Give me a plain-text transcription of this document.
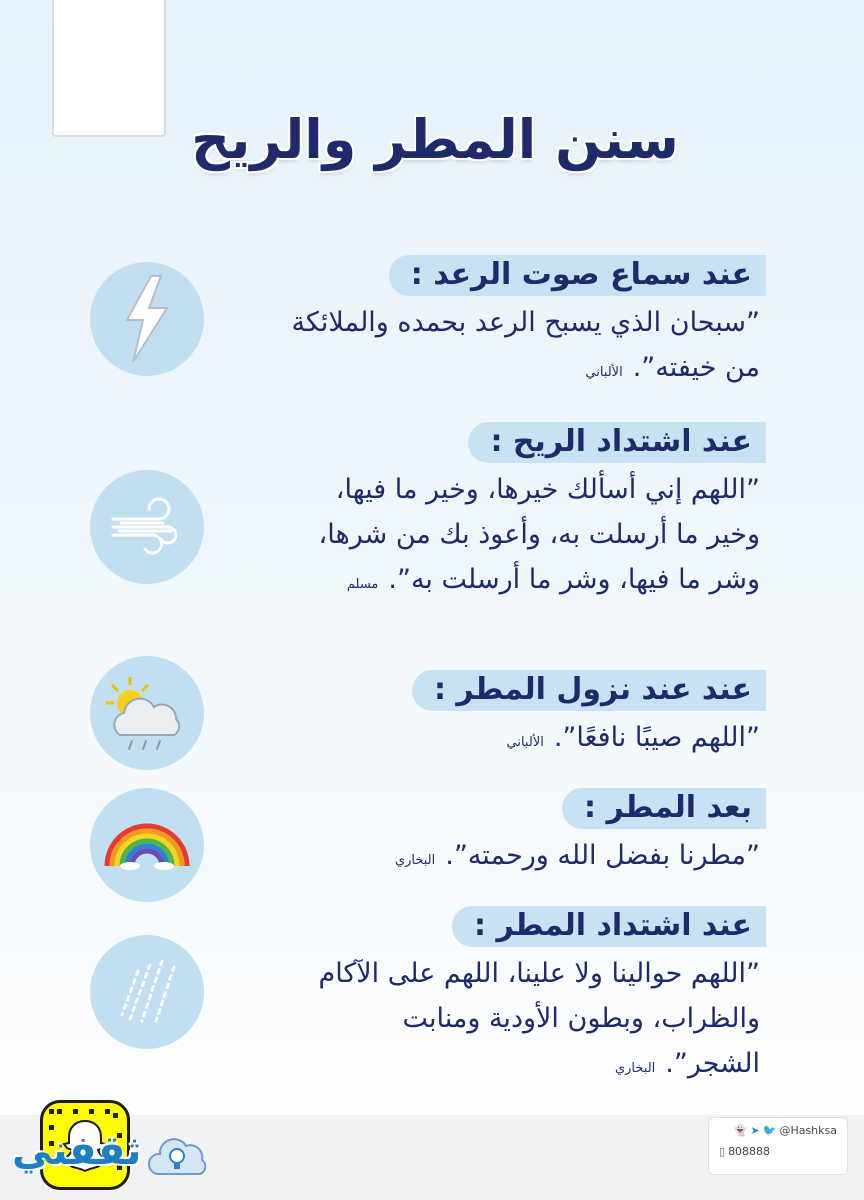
سنن المطر والريح
عند سماع صوت الرعد :
”سبحان الذي يسبح الرعد بحمده والملائكة من خيفته”.الألباني
عند اشتداد الريح :
”اللهم إني أسألك خيرها، وخير ما فيها، وخير ما أرسلت به، وأعوذ بك من شرها، وشر ما فيها، وشر ما أرسلت به”.مسلم
عند عند نزول المطر :
”اللهم صيبًا نافعًا”.الألباني
بعد المطر :
”مطرنا بفضل الله ورحمته”.البخاري
عند اشتداد المطر :
”اللهم حوالينا ولا علينا، اللهم على الآكام والظراب، وبطون الأودية ومنابت الشجر”.البخاري
ثقفني	👻 ➤ 🐦 @Hashksa
▯ 808888
